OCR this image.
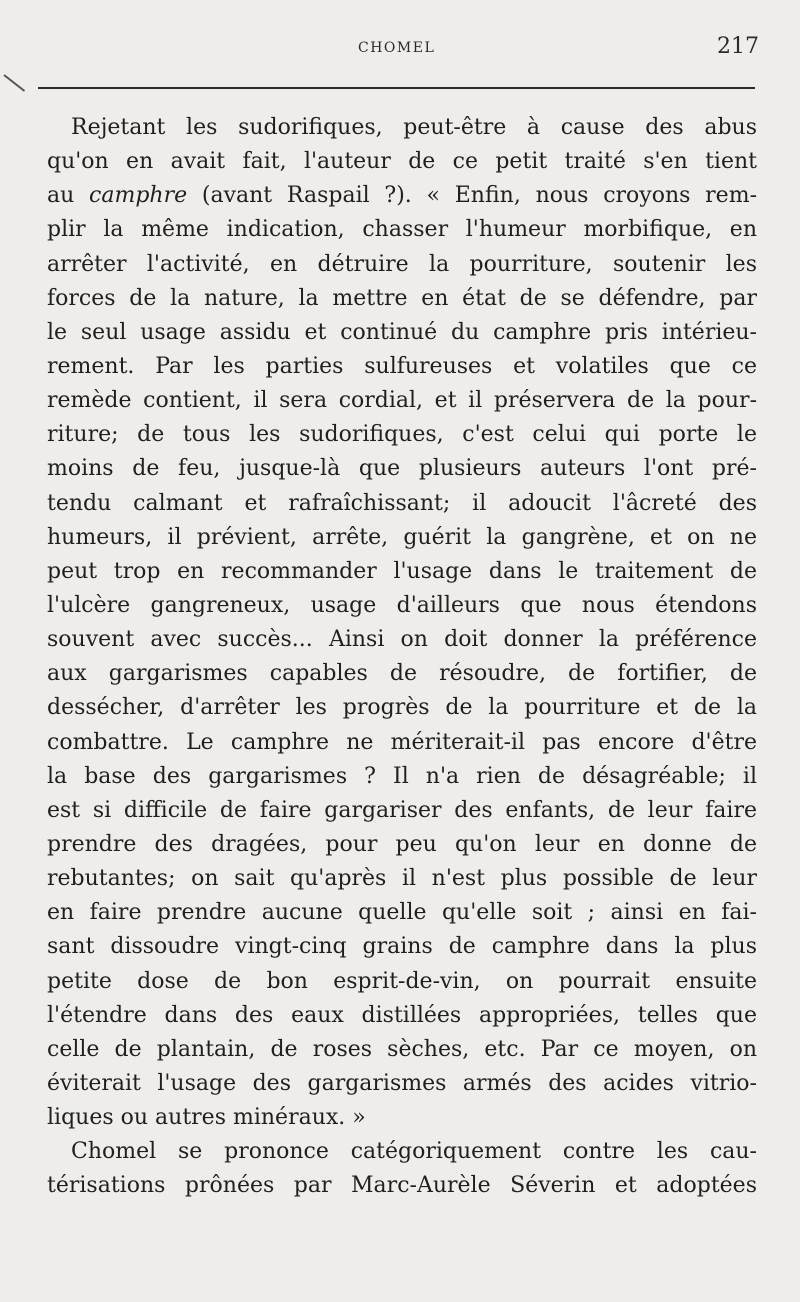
CHOMEL	217
Rejetant les sudorifiques, peut-être à cause des abus
qu'on en avait fait, l'auteur de ce petit traité s'en tient
au camphre (avant Raspail ?). « Enfin, nous croyons rem-
plir la même indication, chasser l'humeur morbifique, en
arrêter l'activité, en détruire la pourriture, soutenir les
forces de la nature, la mettre en état de se défendre, par
le seul usage assidu et continué du camphre pris intérieu-
rement. Par les parties sulfureuses et volatiles que ce
remède contient, il sera cordial, et il préservera de la pour-
riture; de tous les sudorifiques, c'est celui qui porte le
moins de feu, jusque-là que plusieurs auteurs l'ont pré-
tendu calmant et rafraîchissant; il adoucit l'âcreté des
humeurs, il prévient, arrête, guérit la gangrène, et on ne
peut trop en recommander l'usage dans le traitement de
l'ulcère gangreneux, usage d'ailleurs que nous étendons
souvent avec succès... Ainsi on doit donner la préférence
aux gargarismes capables de résoudre, de fortifier, de
dessécher, d'arrêter les progrès de la pourriture et de la
combattre. Le camphre ne mériterait-il pas encore d'être
la base des gargarismes ? Il n'a rien de désagréable; il
est si difficile de faire gargariser des enfants, de leur faire
prendre des dragées, pour peu qu'on leur en donne de
rebutantes; on sait qu'après il n'est plus possible de leur
en faire prendre aucune quelle qu'elle soit ; ainsi en fai-
sant dissoudre vingt-cinq grains de camphre dans la plus
petite dose de bon esprit-de-vin, on pourrait ensuite
l'étendre dans des eaux distillées appropriées, telles que
celle de plantain, de roses sèches, etc. Par ce moyen, on
éviterait l'usage des gargarismes armés des acides vitrio-
liques ou autres minéraux. »
Chomel se prononce catégoriquement contre les cau-
térisations prônées par Marc-Aurèle Séverin et adoptées
